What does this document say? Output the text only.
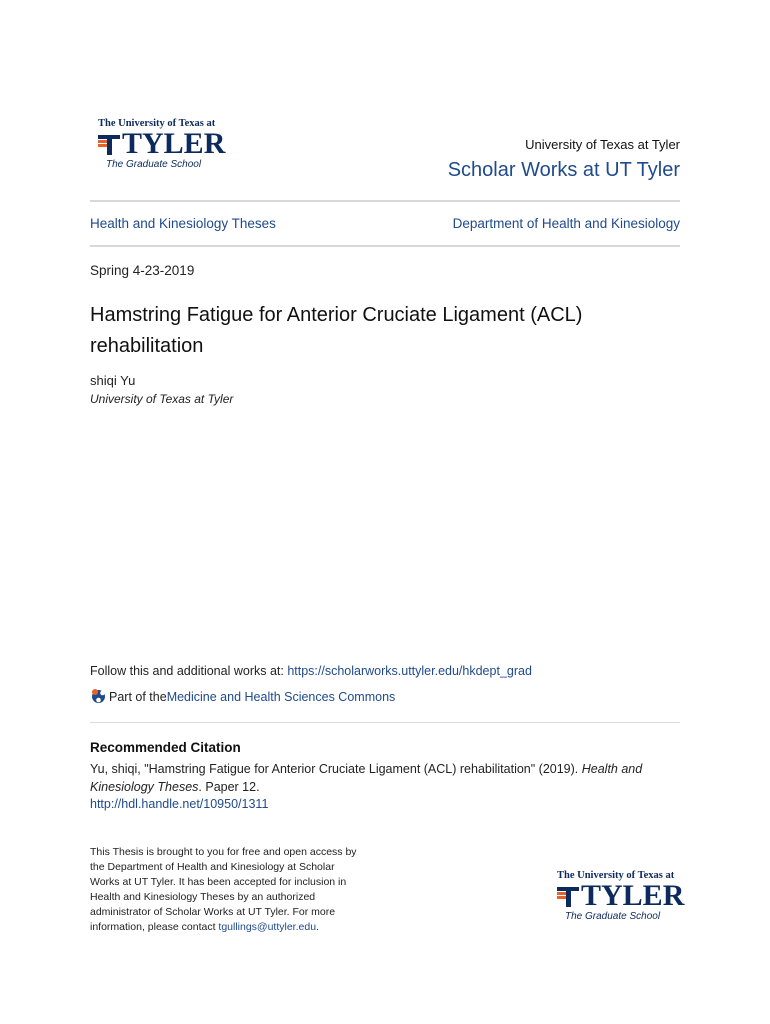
The University of Texas at
TYLER
The Graduate School
University of Texas at Tyler
Scholar Works at UT Tyler
Health and Kinesiology Theses	Department of Health and Kinesiology
Spring 4-23-2019
Hamstring Fatigue for Anterior Cruciate Ligament (ACL)
rehabilitation
shiqi Yu
University of Texas at Tyler
Follow this and additional works at: https://scholarworks.uttyler.edu/hkdept_grad
Part of the Medicine and Health Sciences Commons
Recommended Citation
Yu, shiqi, "Hamstring Fatigue for Anterior Cruciate Ligament (ACL) rehabilitation" (2019). Health and
Kinesiology Theses. Paper 12.
http://hdl.handle.net/10950/1311
This Thesis is brought to you for free and open access by
the Department of Health and Kinesiology at Scholar
Works at UT Tyler. It has been accepted for inclusion in
Health and Kinesiology Theses by an authorized
administrator of Scholar Works at UT Tyler. For more
information, please contact tgullings@uttyler.edu.
The University of Texas at
TYLER
The Graduate School
